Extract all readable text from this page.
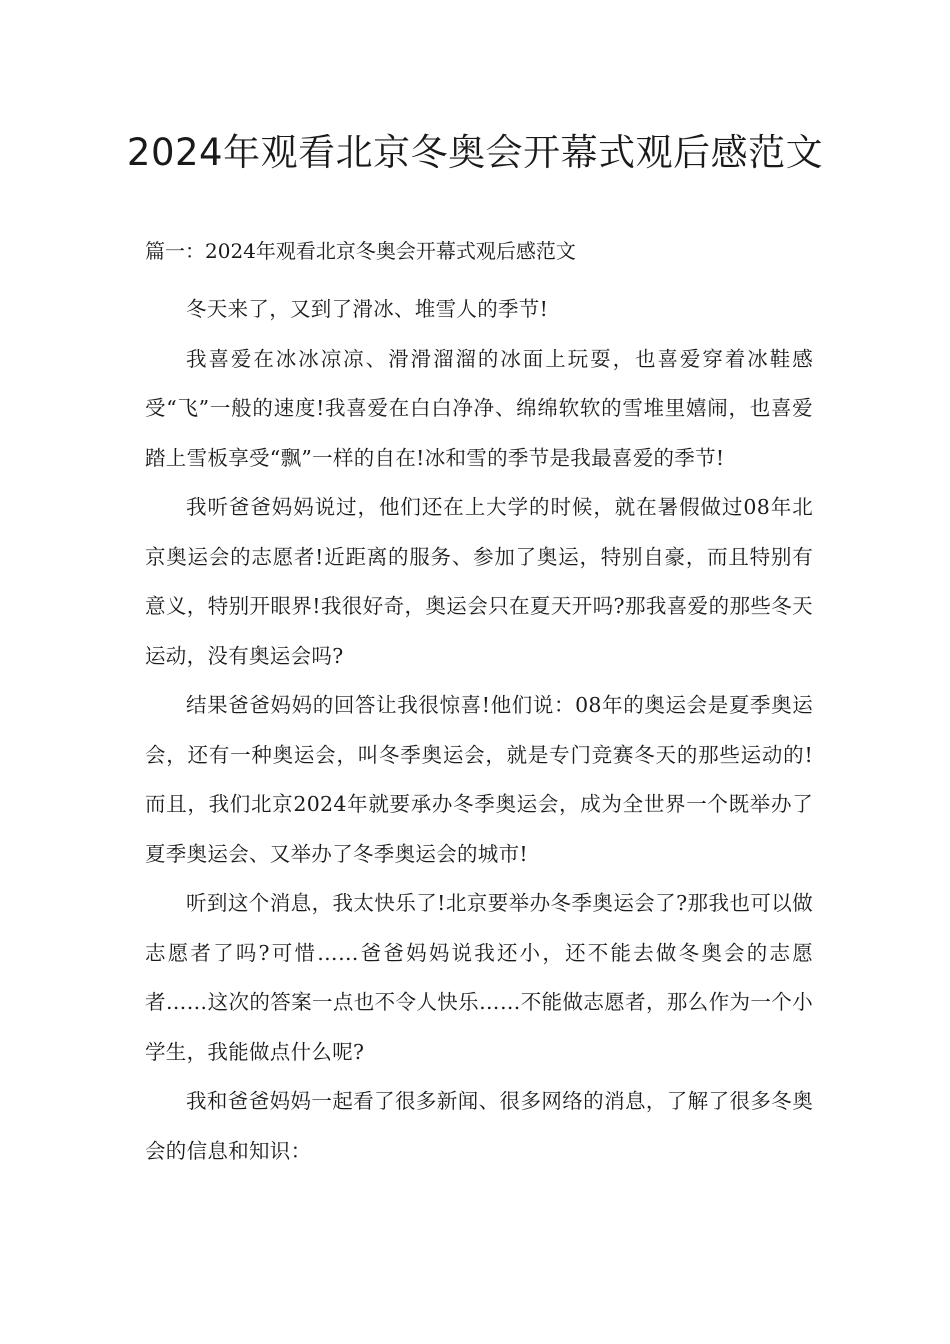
2024年观看北京冬奥会开幕式观后感范文
篇一：2024年观看北京冬奥会开幕式观后感范文

冬天来了，又到了滑冰、堆雪人的季节!

我喜爱在冰冰凉凉、滑滑溜溜的冰面上玩耍，也喜爱穿着冰鞋感受“飞”一般的速度!我喜爱在白白净净、绵绵软软的雪堆里嬉闹，也喜爱踏上雪板享受“飘”一样的自在!冰和雪的季节是我最喜爱的季节!

我听爸爸妈妈说过，他们还在上大学的时候，就在暑假做过08年北京奥运会的志愿者!近距离的服务、参加了奥运，特别自豪，而且特别有意义，特别开眼界!我很好奇，奥运会只在夏天开吗?那我喜爱的那些冬天运动，没有奥运会吗?

结果爸爸妈妈的回答让我很惊喜!他们说：08年的奥运会是夏季奥运会，还有一种奥运会，叫冬季奥运会，就是专门竞赛冬天的那些运动的!而且，我们北京2024年就要承办冬季奥运会，成为全世界一个既举办了夏季奥运会、又举办了冬季奥运会的城市!

听到这个消息，我太快乐了!北京要举办冬季奥运会了?那我也可以做志愿者了吗?可惜……爸爸妈妈说我还小，还不能去做冬奥会的志愿者……这次的答案一点也不令人快乐……不能做志愿者，那么作为一个小学生，我能做点什么呢?

我和爸爸妈妈一起看了很多新闻、很多网络的消息，了解了很多冬奥会的信息和知识：
